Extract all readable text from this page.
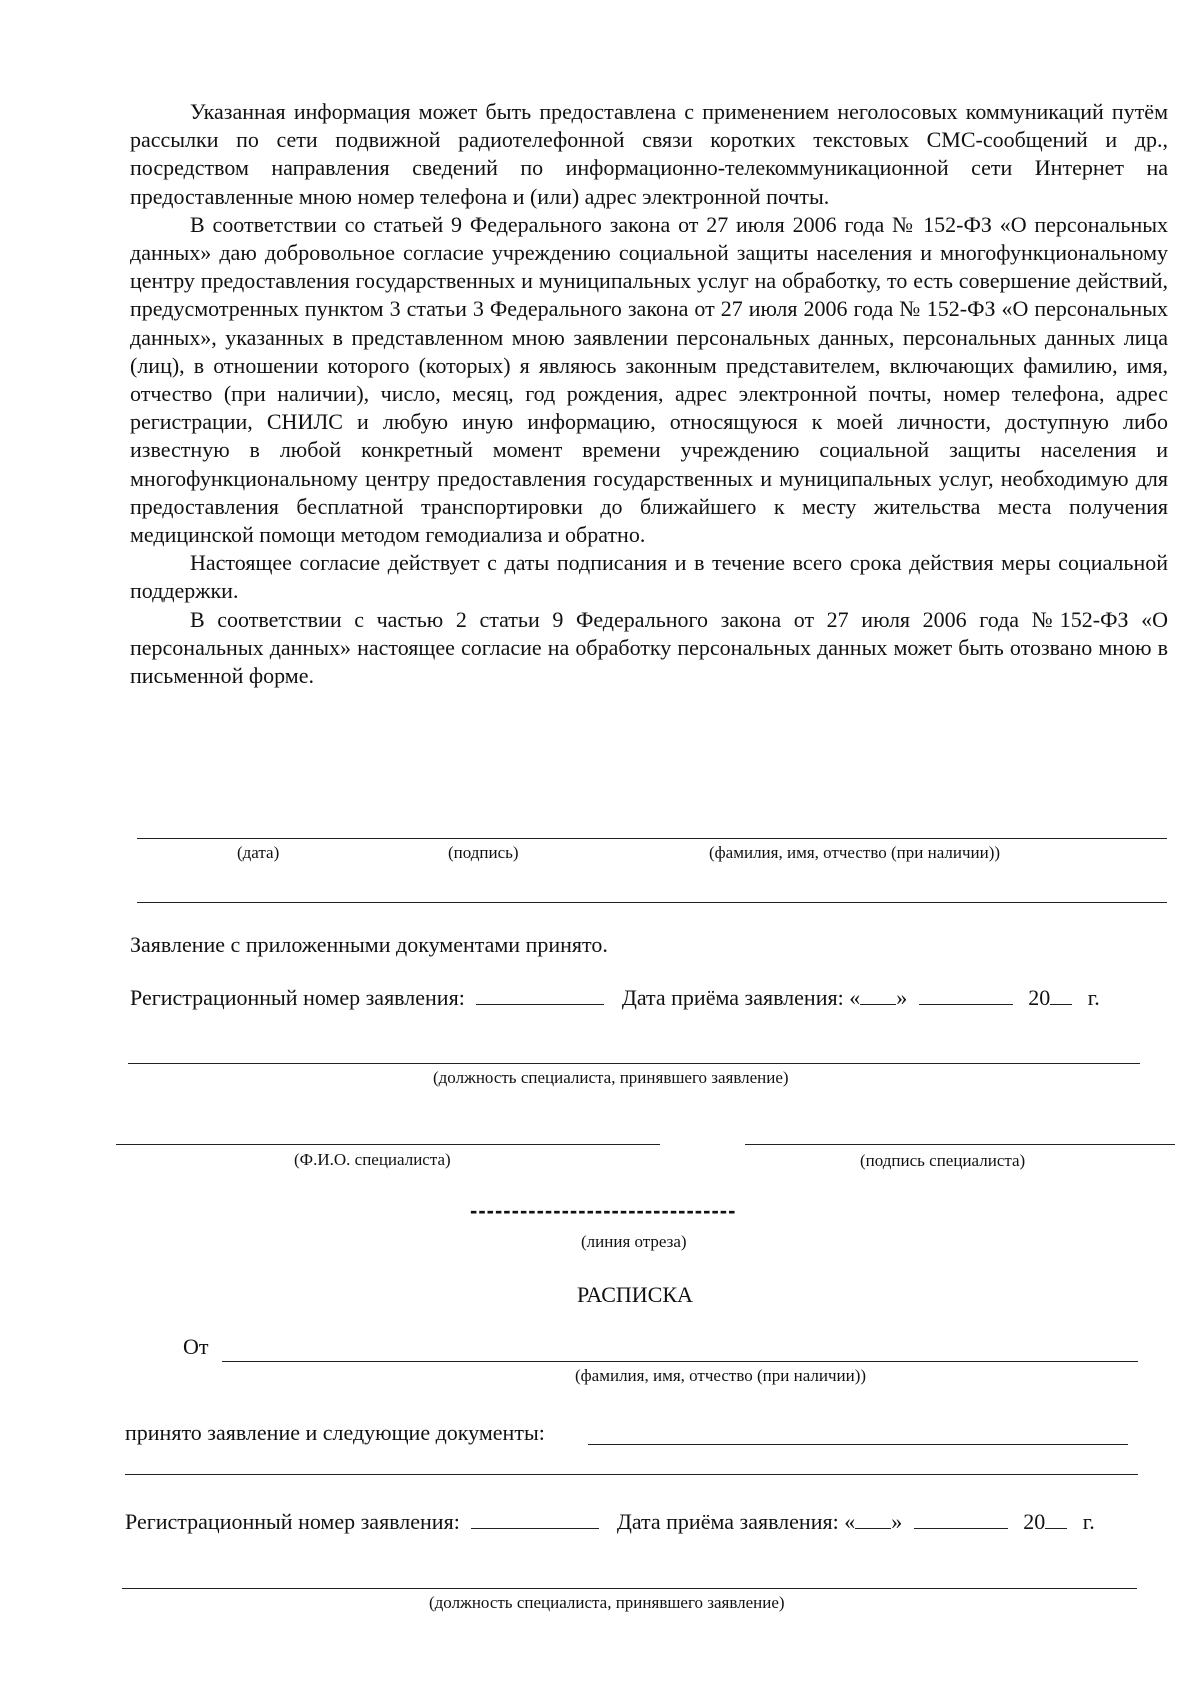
Указанная информация может быть предоставлена с применением неголосовых коммуникаций путём рассылки по сети подвижной радиотелефонной связи коротких текстовых СМС-сообщений и др., посредством направления сведений по информационно-телекоммуникационной сети Интернет на предоставленные мною номер телефона и (или) адрес электронной почты.

В соответствии со статьей 9 Федерального закона от 27 июля 2006 года № 152-ФЗ «О персональных данных» даю добровольное согласие учреждению социальной защиты населения и многофункциональному центру предоставления государственных и муниципальных услуг на обработку, то есть совершение действий, предусмотренных пунктом 3 статьи 3 Федерального закона от 27 июля 2006 года № 152-ФЗ «О персональных данных», указанных в представленном мною заявлении персональных данных, персональных данных лица (лиц), в отношении которого (которых) я являюсь законным представителем, включающих фамилию, имя, отчество (при наличии), число, месяц, год рождения, адрес электронной почты, номер телефона, адрес регистрации, СНИЛС и любую иную информацию, относящуюся к моей личности, доступную либо известную в любой конкретный момент времени учреждению социальной защиты населения и многофункциональному центру предоставления государственных и муниципальных услуг, необходимую для предоставления бесплатной транспортировки до ближайшего к месту жительства места получения медицинской помощи методом гемодиализа и обратно.

Настоящее согласие действует с даты подписания и в течение всего срока действия меры социальной поддержки.

В соответствии с частью 2 статьи 9 Федерального закона от 27 июля 2006 года №152-ФЗ «О персональных данных» настоящее согласие на обработку персональных данных может быть отозвано мною в письменной форме.

(дата)	(подпись)	(фамилия, имя, отчество (при наличии))
Заявление с приложенными документами принято.
Регистрационный номер заявления:	Дата приёма заявления: « »	20 г.
(должность специалиста, принявшего заявление)
(Ф.И.О. специалиста)	(подпись специалиста)
--------------------------------
(линия отреза)
РАСПИСКА
От
(фамилия, имя, отчество (при наличии))
принято заявление и следующие документы:
Регистрационный номер заявления:	Дата приёма заявления: « »	20 г.
(должность специалиста, принявшего заявление)
